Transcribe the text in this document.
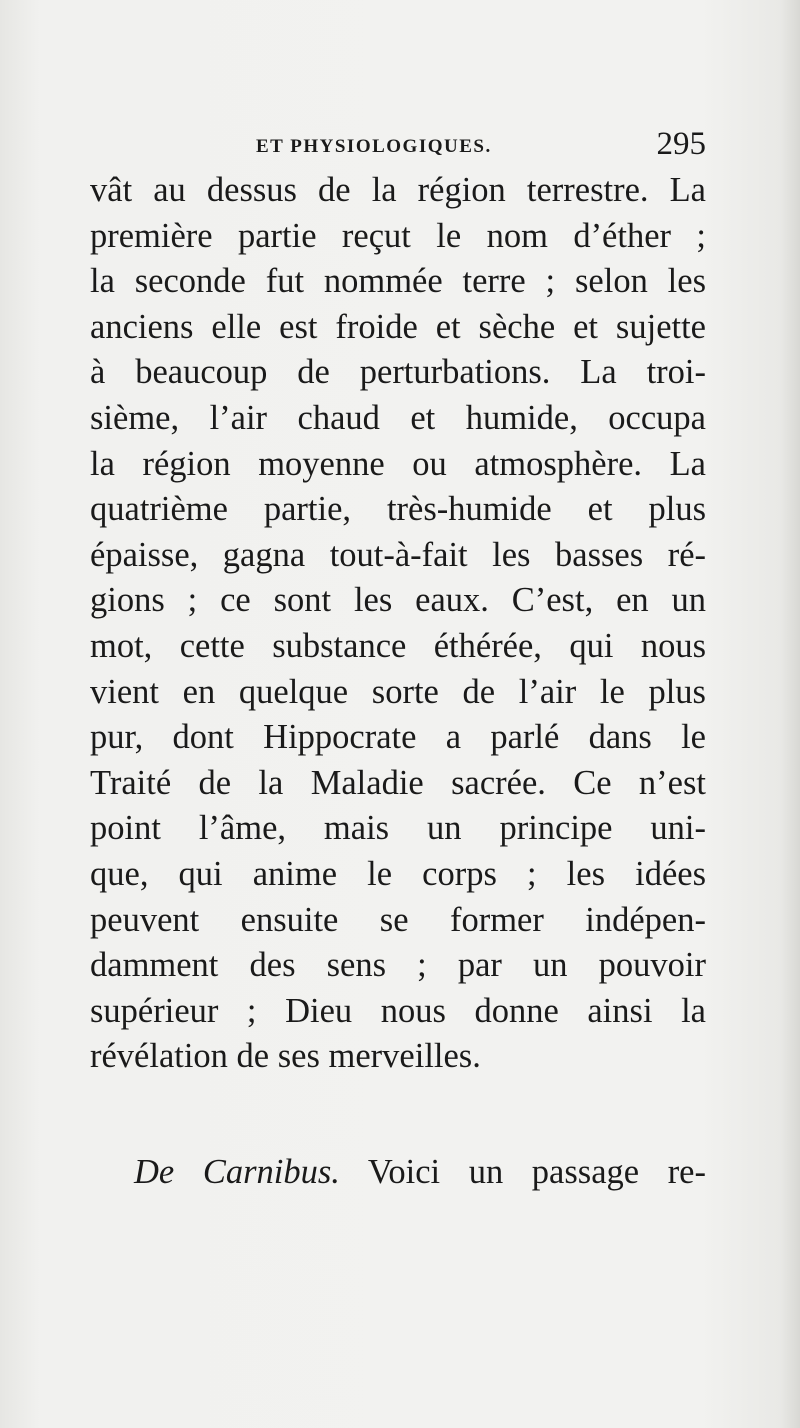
ET PHYSIOLOGIQUES.	295
vât au dessus de la région terrestre. La
première partie reçut le nom d’éther ;
la seconde fut nommée terre ; selon les
anciens elle est froide et sèche et sujette
à beaucoup de perturbations. La troi-
sième, l’air chaud et humide, occupa
la région moyenne ou atmosphère. La
quatrième partie, très-humide et plus
épaisse, gagna tout-à-fait les basses ré-
gions ; ce sont les eaux. C’est, en un
mot, cette substance éthérée, qui nous
vient en quelque sorte de l’air le plus
pur, dont Hippocrate a parlé dans le
Traité de la Maladie sacrée. Ce n’est
point l’âme, mais un principe uni-
que, qui anime le corps ; les idées
peuvent ensuite se former indépen-
damment des sens ; par un pouvoir
supérieur ; Dieu nous donne ainsi la
révélation de ses merveilles.
De Carnibus. Voici un passage re-
